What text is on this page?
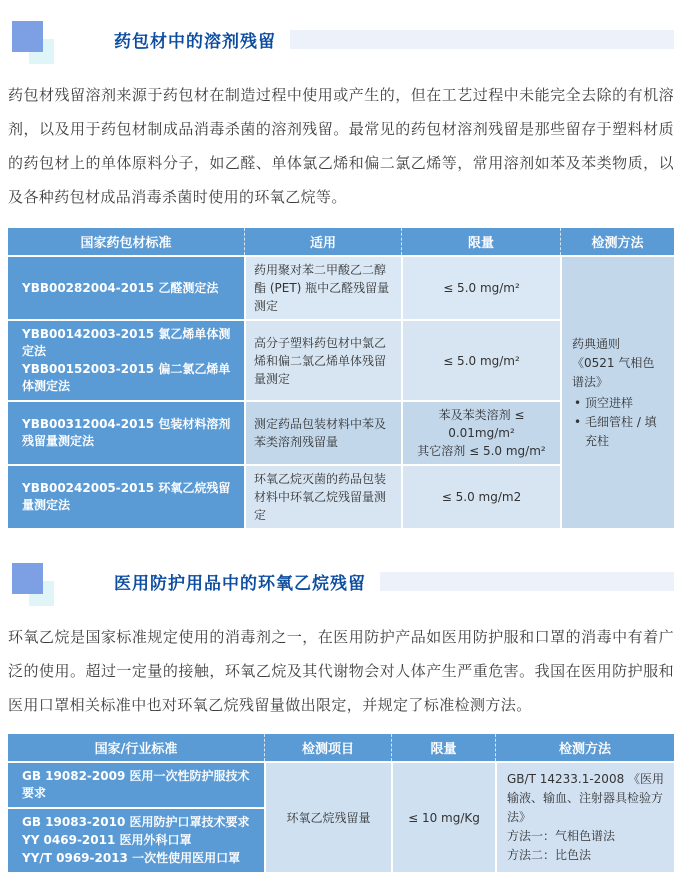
药包材中的溶剂残留

药包材残留溶剂来源于药包材在制造过程中使用或产生的，但在工艺过程中未能完全去除的有机溶剂，以及用于药包材制成品消毒杀菌的溶剂残留。最常见的药包材溶剂残留是那些留存于塑料材质的药包材上的单体原料分子，如乙醛、单体氯乙烯和偏二氯乙烯等，常用溶剂如苯及苯类物质，以及各种药包材成品消毒杀菌时使用的环氧乙烷等。

国家药包材标准	适用	限量	检测方法

YBB00282004-2015 乙醛测定法
	药用聚对苯二甲酸乙二醇酯 (PET) 瓶中乙醛残留量测定	≤ 5.0 mg/m²	
药典通则 《0521 气相色谱法》
• 顶空进样
• 毛细管柱 / 填充柱

YBB00142003-2015 氯乙烯单体测定法
YBB00152003-2015 偏二氯乙烯单体测定法	高分子塑料药包材中氯乙烯和偏二氯乙烯单体残留量测定	≤ 5.0 mg/m²	

YBB00312004-2015 包装材料溶剂残留量测定法	测定药品包装材料中苯及苯类溶剂残留量	苯及苯类溶剂 ≤ 0.01mg/m²
其它溶剂 ≤ 5.0 mg/m²	

YBB00242005-2015 环氧乙烷残留量测定法	环氧乙烷灭菌的药品包装材料中环氧乙烷残留量测定	≤ 5.0 mg/m2	
医用防护用品中的环氧乙烷残留

环氧乙烷是国家标准规定使用的消毒剂之一，在医用防护产品如医用防护服和口罩的消毒中有着广泛的使用。超过一定量的接触，环氧乙烷及其代谢物会对人体产生严重危害。我国在医用防护服和医用口罩相关标准中也对环氧乙烷残留量做出限定，并规定了标准检测方法。

国家/行业标准	检测项目	限量	检测方法

GB 19082-2009 医用一次性防护服技术要求	环氧乙烷残留量	≤ 10 mg/Kg	GB/T 14233.1-2008 《医用输液、输血、注射器具检验方法》
方法一：气相色谱法
方法二：比色法

GB 19083-2010 医用防护口罩技术要求
YY 0469-2011 医用外科口罩
YY/T 0969-2013 一次性使用医用口罩			
